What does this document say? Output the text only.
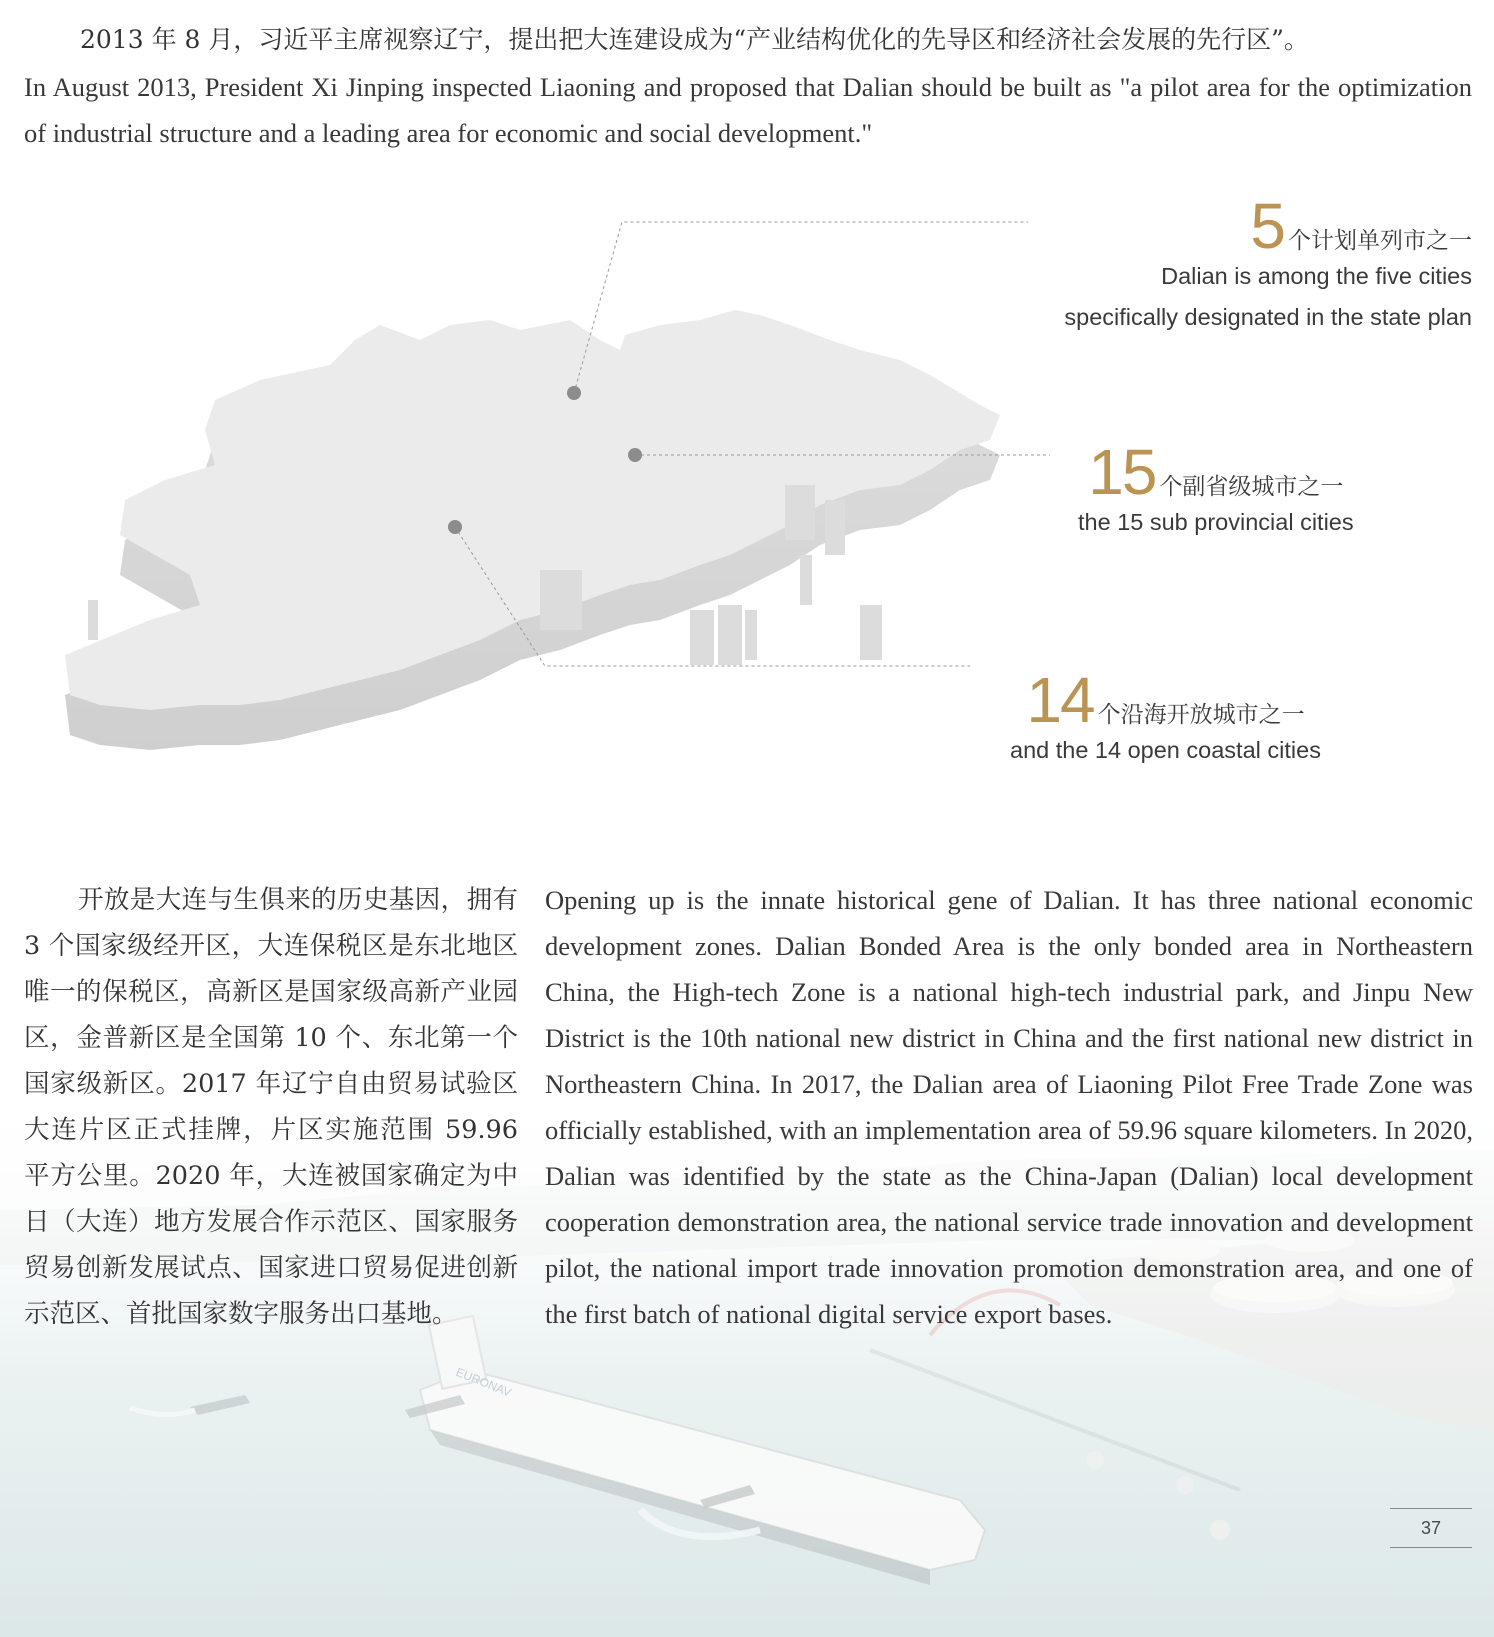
2013 年 8 月，习近平主席视察辽宁，提出把大连建设成为“产业结构优化的先导区和经济社会发展的先行区”。
In August 2013, President Xi Jinping inspected Liaoning and proposed that Dalian should be built as "a pilot area for the optimization of industrial structure and a leading area for economic and social development."
5 个计划单列市之一
Dalian is among the five cities
specifically designated in the state plan
15 个副省级城市之一
the 15 sub provincial cities
14 个沿海开放城市之一
and the 14 open coastal cities
开放是大连与生俱来的历史基因，拥有 3 个国家级经开区，大连保税区是东北地区唯一的保税区，高新区是国家级高新产业园区，金普新区是全国第 10 个、东北第一个国家级新区。2017 年辽宁自由贸易试验区大连片区正式挂牌，片区实施范围 59.96 平方公里。2020 年，大连被国家确定为中日（大连）地方发展合作示范区、国家服务贸易创新发展试点、国家进口贸易促进创新示范区、首批国家数字服务出口基地。
Opening up is the innate historical gene of Dalian. It has three national economic development zones. Dalian Bonded Area is the only bonded area in Northeastern China, the High-tech Zone is a national high-tech industrial park, and Jinpu New District is the 10th national new district in China and the first national new district in Northeastern China. In 2017, the Dalian area of Liaoning Pilot Free Trade Zone was officially established, with an implementation area of 59.96 square kilometers. In 2020, Dalian was identified by the state as the China-Japan (Dalian) local development cooperation demonstration area, the national service trade innovation and development pilot, the national import trade innovation promotion demonstration area, and one of the first batch of national digital service export bases.
37
